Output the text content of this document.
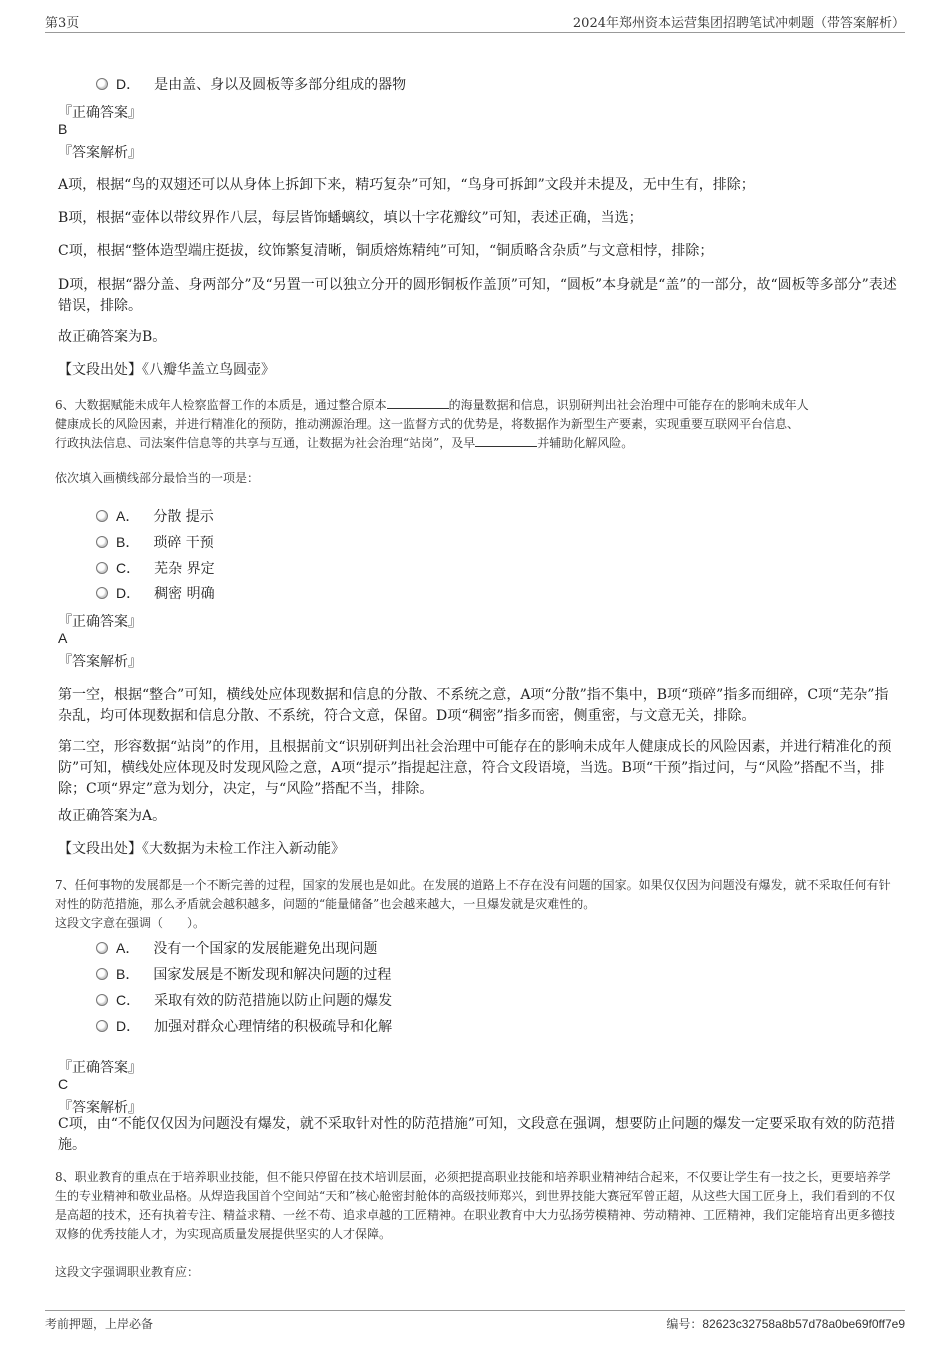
第3页	2024年郑州资本运营集团招聘笔试冲刺题（带答案解析）
D． 是由盖、身以及圆板等多部分组成的器物
『正确答案』
B
『答案解析』
A项，根据“鸟的双翅还可以从身体上拆卸下来，精巧复杂”可知，“鸟身可拆卸”文段并未提及，无中生有，排除；
B项，根据“壶体以带纹界作八层，每层皆饰蟠螭纹，填以十字花瓣纹”可知，表述正确，当选；
C项，根据“整体造型端庄挺拔，纹饰繁复清晰，铜质熔炼精纯”可知，“铜质略含杂质”与文意相悖，排除；
D项，根据“器分盖、身两部分”及“另置一可以独立分开的圆形铜板作盖顶”可知，“圆板”本身就是“盖”的一部分，故“圆板等多部分”表述错误，排除。
故正确答案为B。
【文段出处】《八瓣华盖立鸟圆壶》
6、大数据赋能未成年人检察监督工作的本质是，通过整合原本	的海量数据和信息，识别研判出社会治理中可能存在的影响未成年人
健康成长的风险因素，并进行精准化的预防，推动溯源治理。这一监督方式的优势是，将数据作为新型生产要素，实现重要互联网平台信息、
行政执法信息、司法案件信息等的共享与互通，让数据为社会治理“站岗”，及早	并辅助化解风险。
依次填入画横线部分最恰当的一项是：
A． 分散 提示
B． 琐碎 干预
C． 芜杂 界定
D． 稠密 明确
『正确答案』
A
『答案解析』
第一空，根据“整合”可知，横线处应体现数据和信息的分散、不系统之意，A项“分散”指不集中，B项“琐碎”指多而细碎，C项“芜杂”指杂乱，均可体现数据和信息分散、不系统，符合文意，保留。D项“稠密”指多而密，侧重密，与文意无关，排除。
第二空，形容数据“站岗”的作用，且根据前文“识别研判出社会治理中可能存在的影响未成年人健康成长的风险因素，并进行精准化的预防”可知，横线处应体现及时发现风险之意，A项“提示”指提起注意，符合文段语境，当选。B项“干预”指过问，与“风险”搭配不当，排除；C项“界定”意为划分，决定，与“风险”搭配不当，排除。
故正确答案为A。
【文段出处】《大数据为未检工作注入新动能》
7、任何事物的发展都是一个不断完善的过程，国家的发展也是如此。在发展的道路上不存在没有问题的国家。如果仅仅因为问题没有爆发，就不采取任何有针对性的防范措施，那么矛盾就会越积越多，问题的“能量储备”也会越来越大，一旦爆发就是灾难性的。
这段文字意在强调（　　）。
A． 没有一个国家的发展能避免出现问题
B． 国家发展是不断发现和解决问题的过程
C． 采取有效的防范措施以防止问题的爆发
D． 加强对群众心理情绪的积极疏导和化解
『正确答案』
C
『答案解析』
C项，由“不能仅仅因为问题没有爆发，就不采取针对性的防范措施”可知，文段意在强调，想要防止问题的爆发一定要采取有效的防范措施。
8、职业教育的重点在于培养职业技能，但不能只停留在技术培训层面，必须把提高职业技能和培养职业精神结合起来，不仅要让学生有一技之长，更要培养学生的专业精神和敬业品格。从焊造我国首个空间站“天和”核心舱密封舱体的高级技师郑兴，到世界技能大赛冠军曾正超，从这些大国工匠身上，我们看到的不仅是高超的技术，还有执着专注、精益求精、一丝不苟、追求卓越的工匠精神。在职业教育中大力弘扬劳模精神、劳动精神、工匠精神，我们定能培育出更多德技双修的优秀技能人才，为实现高质量发展提供坚实的人才保障。
这段文字强调职业教育应：
考前押题，上岸必备	编号：82623c32758a8b57d78a0be69f0ff7e9
